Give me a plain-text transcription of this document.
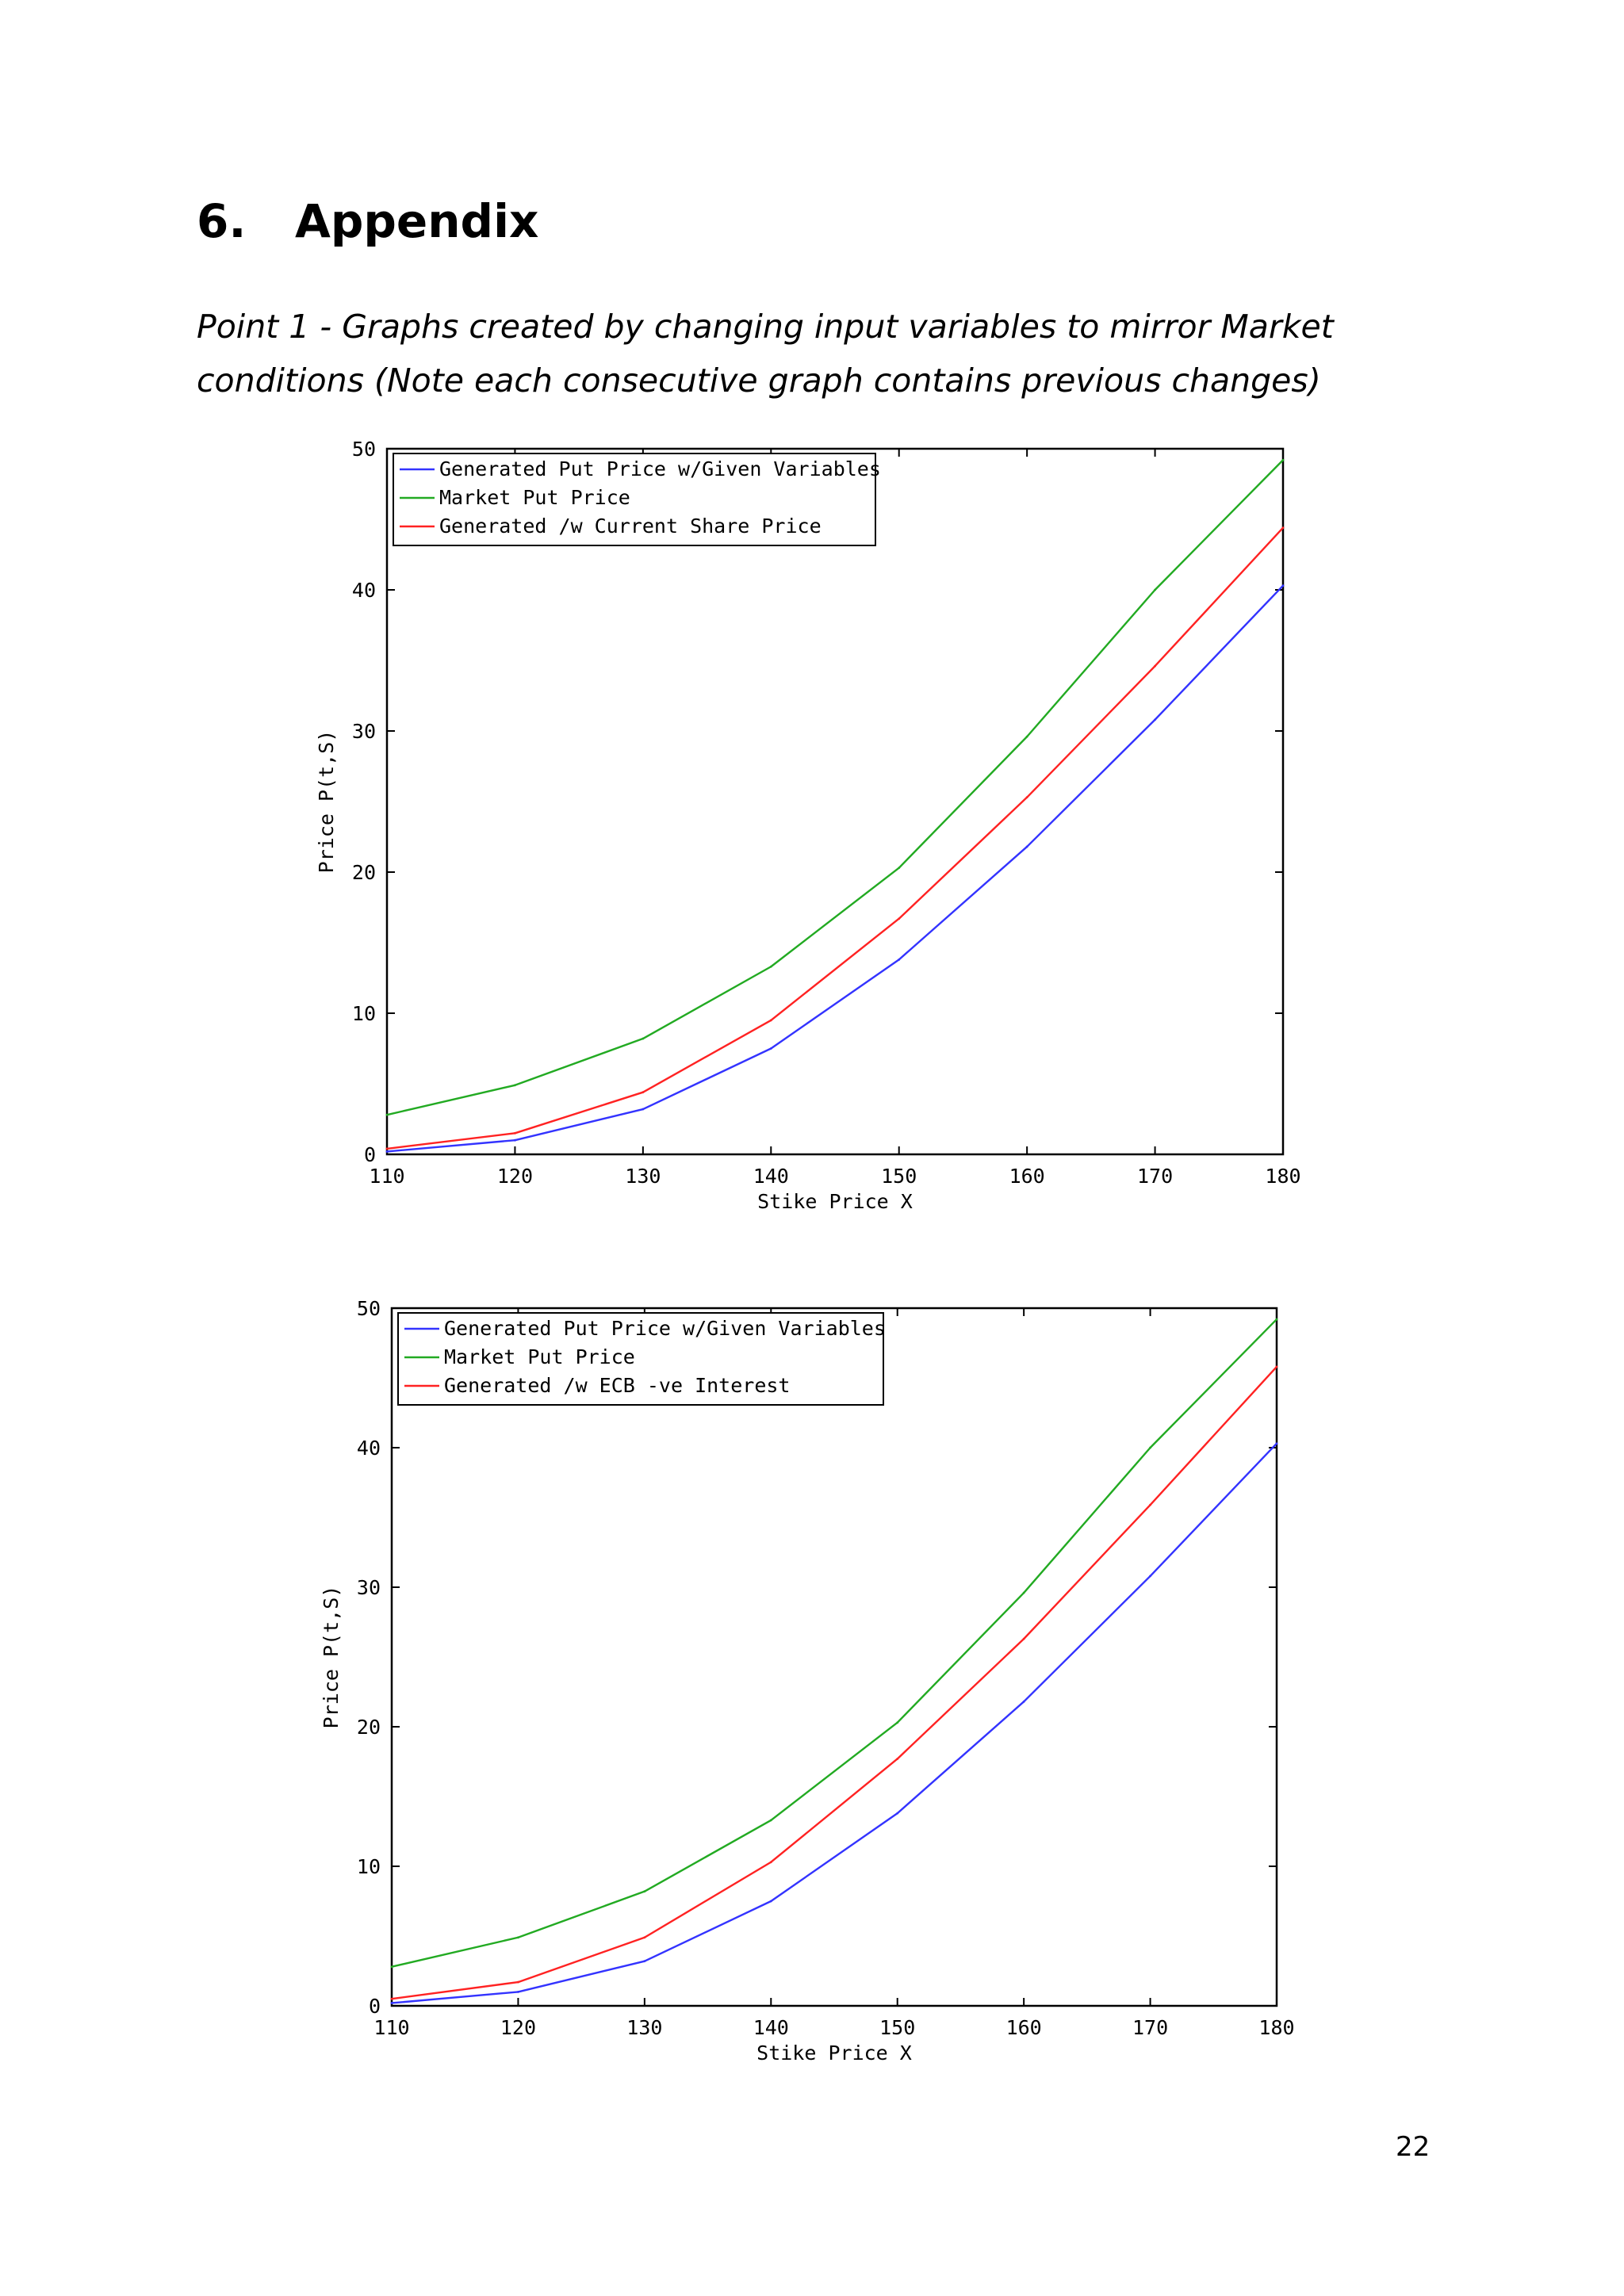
6. Appendix
Point 1 - Graphs created by changing input variables to mirror Market
conditions (Note each consecutive graph contains previous changes)
110	120	130	140	150	160	170	180
0
10
20
30
40
50
Stike Price X
Price P(t,S)
Generated Put Price w/Given Variables
Market Put Price
Generated /w Current Share Price
110	120	130	140	150	160	170	180
0
10
20
30
40
50
Stike Price X
Price P(t,S)
Generated Put Price w/Given Variables
Market Put Price
Generated /w ECB -ve Interest
22
